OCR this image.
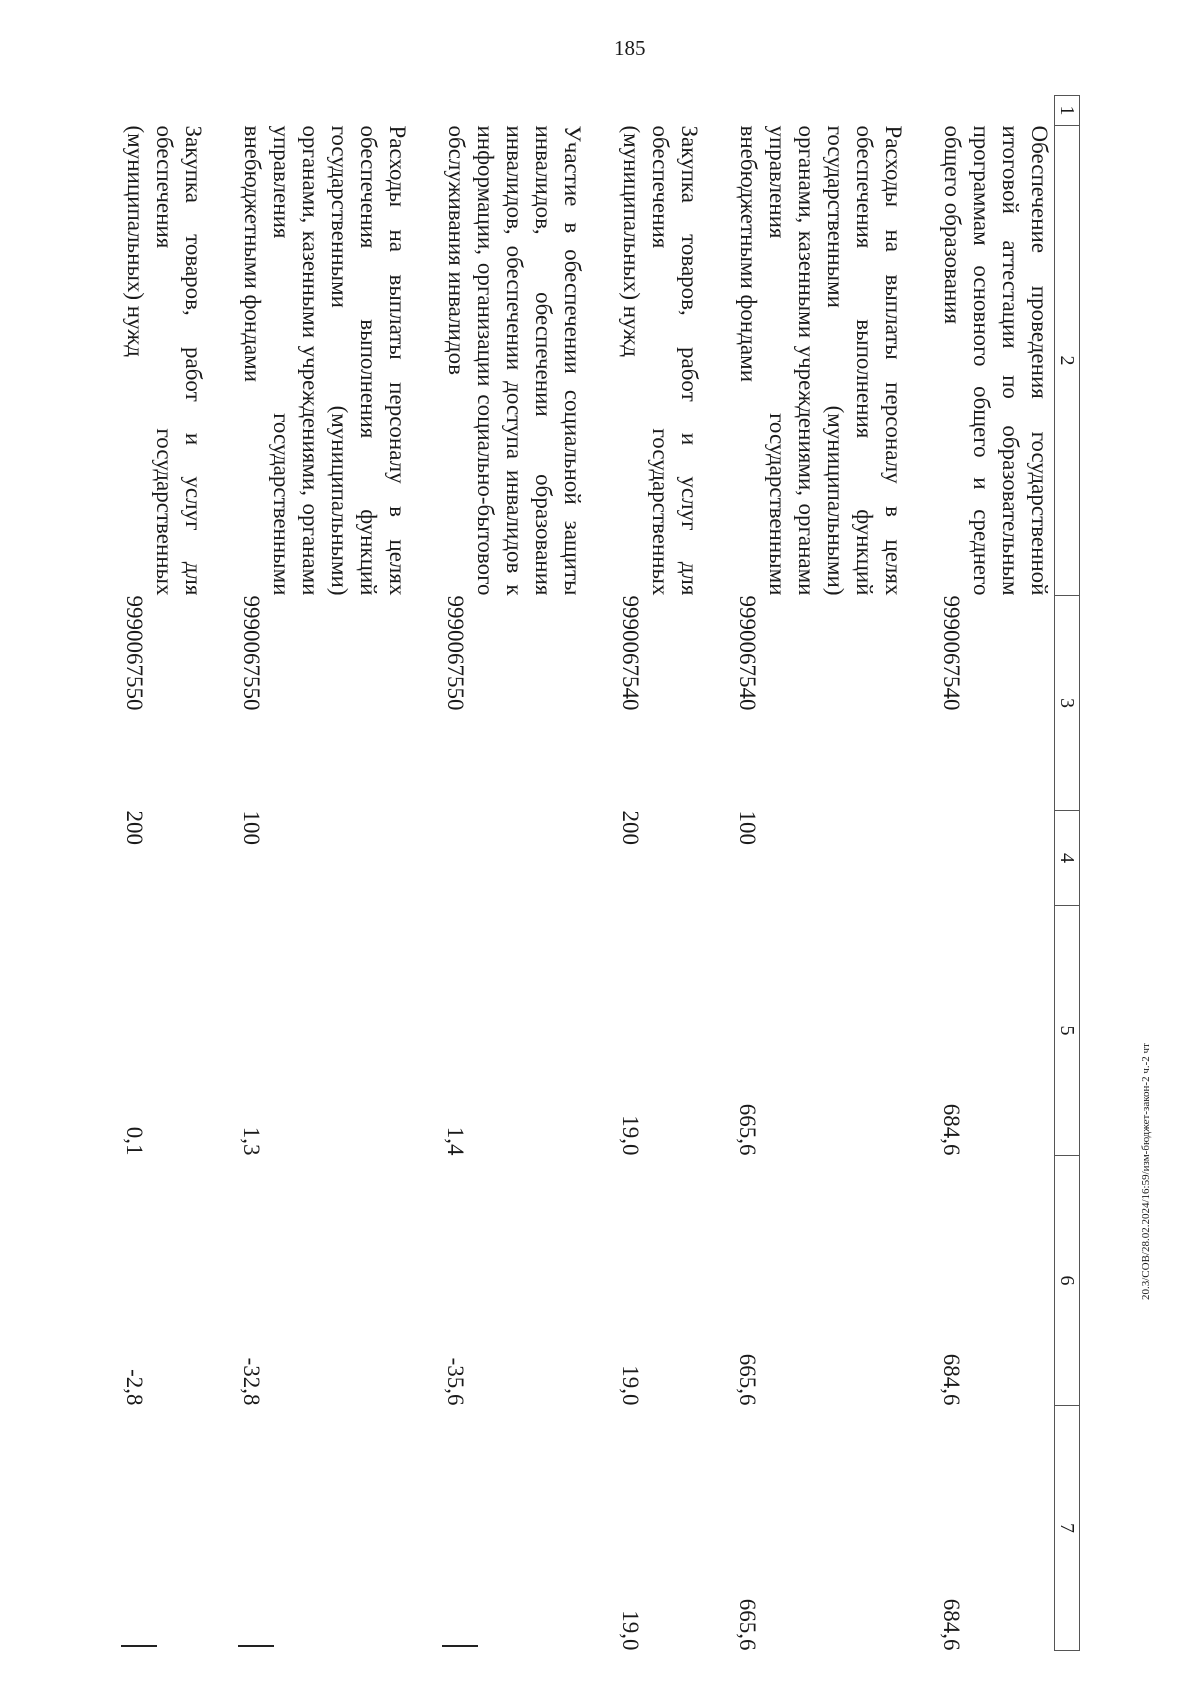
185
20.3/СОВ/28.02.2024/16:59/изм-бюджет-закон-2 ч.-2 чт
1	2	3	4	5	6	7
	Обеспечение проведения государственной итоговой аттестации по образовательным программам основного общего и среднего общего образования	9990067540		684,6	684,6	684,6
	Расходы на выплаты персоналу в целях обеспечения выполнения функций государственными (муниципальными) органами, казенными учреждениями, органами управления государственными внебюджетными фондами	9990067540	100	665,6	665,6	665,6
	Закупка товаров, работ и услуг для обеспечения государственных (муниципальных) нужд	9990067540	200	19,0	19,0	19,0
	Участие в обеспечении социальной защиты инвалидов, обеспечении образования инвалидов, обеспечении доступа инвалидов к информации, организации социально-бытового обслуживания инвалидов	9990067550		1,4	-35,6	
	Расходы на выплаты персоналу в целях обеспечения выполнения функций государственными (муниципальными) органами, казенными учреждениями, органами управления государственными внебюджетными фондами	9990067550	100	1,3	-32,8	
	Закупка товаров, работ и услуг для обеспечения государственных (муниципальных) нужд	9990067550	200	0,1	-2,8	
